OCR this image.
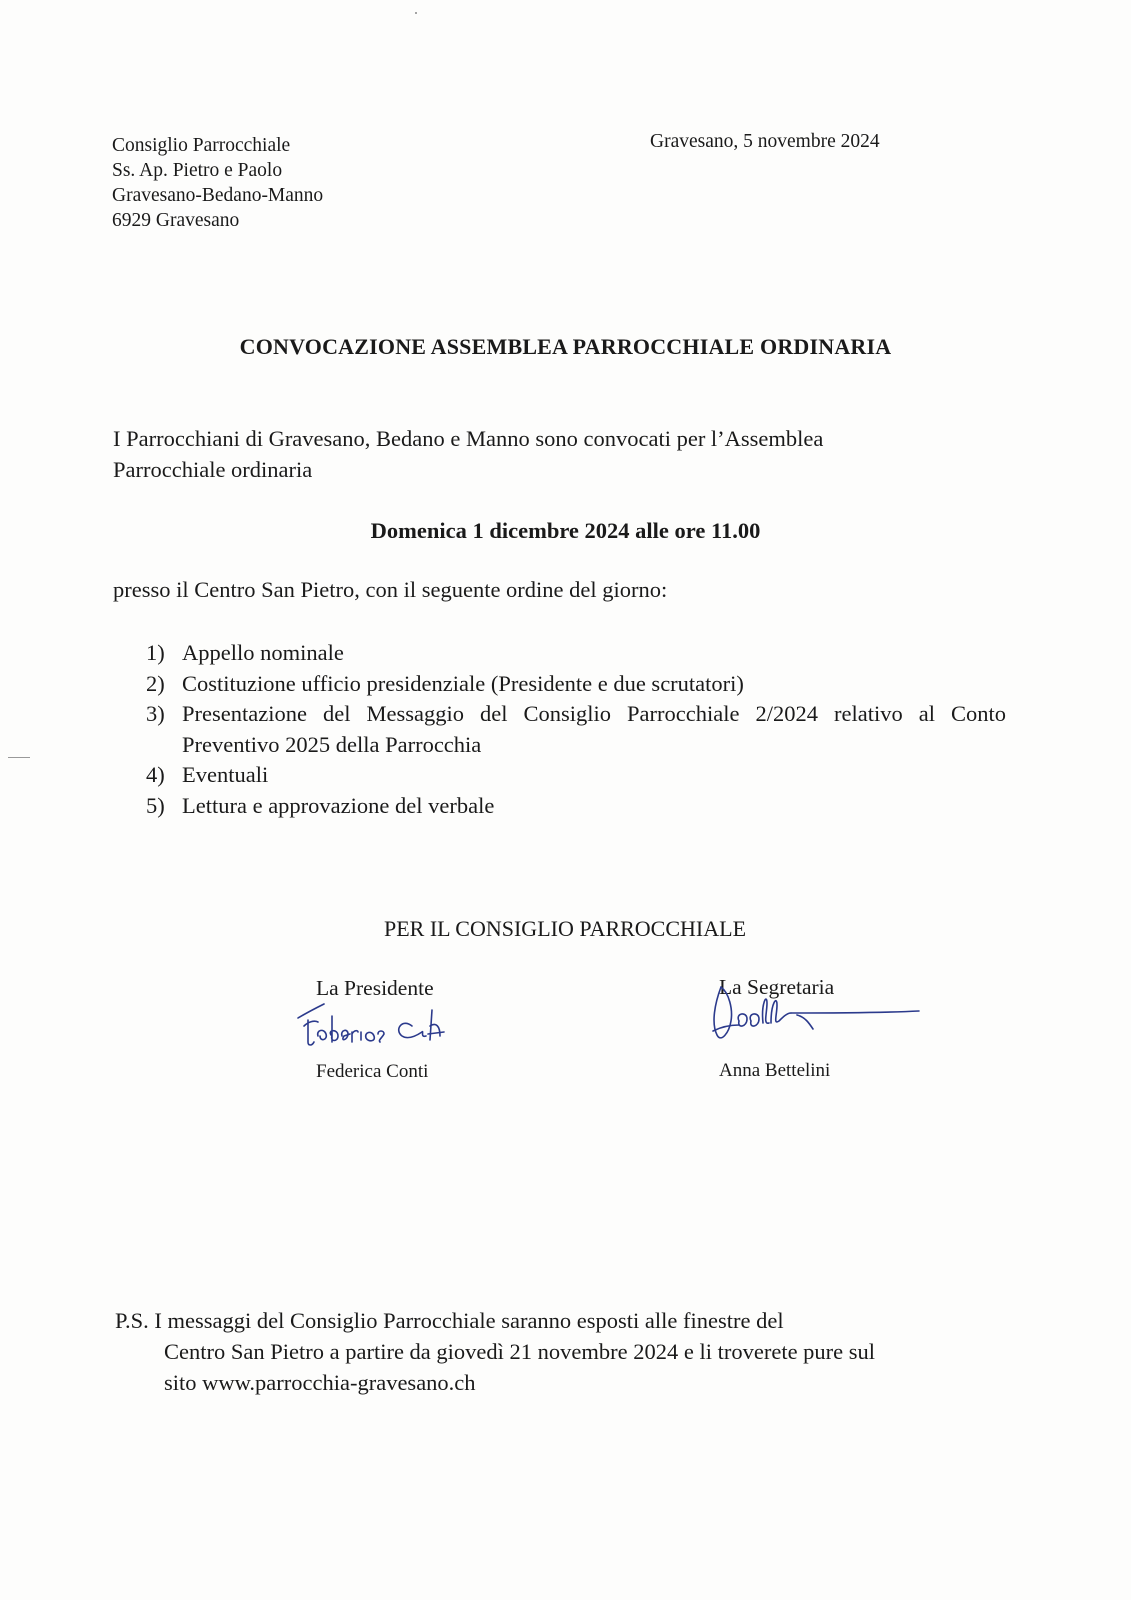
Consiglio Parrocchiale
Ss. Ap. Pietro e Paolo
Gravesano-Bedano-Manno
6929 Gravesano
Gravesano, 5 novembre 2024
CONVOCAZIONE ASSEMBLEA PARROCCHIALE ORDINARIA
I Parrocchiani di Gravesano, Bedano e Manno sono convocati per l’Assemblea
Parrocchiale ordinaria
Domenica 1 dicembre 2024 alle ore 11.00
presso il Centro San Pietro, con il seguente ordine del giorno:
1) Appello nominale
2) Costituzione ufficio presidenziale (Presidente e due scrutatori)
3) Presentazione del Messaggio del Consiglio Parrocchiale 2/2024 relativo al Conto Preventivo 2025 della Parrocchia
4) Eventuali
5) Lettura e approvazione del verbale
PER IL CONSIGLIO PARROCCHIALE
La Presidente
Federica Conti
La Segretaria
Anna Bettelini
P.S. I messaggi del Consiglio Parrocchiale saranno esposti alle finestre del
Centro San Pietro a partire da giovedì 21 novembre 2024 e li troverete pure sul
sito www.parrocchia-gravesano.ch
